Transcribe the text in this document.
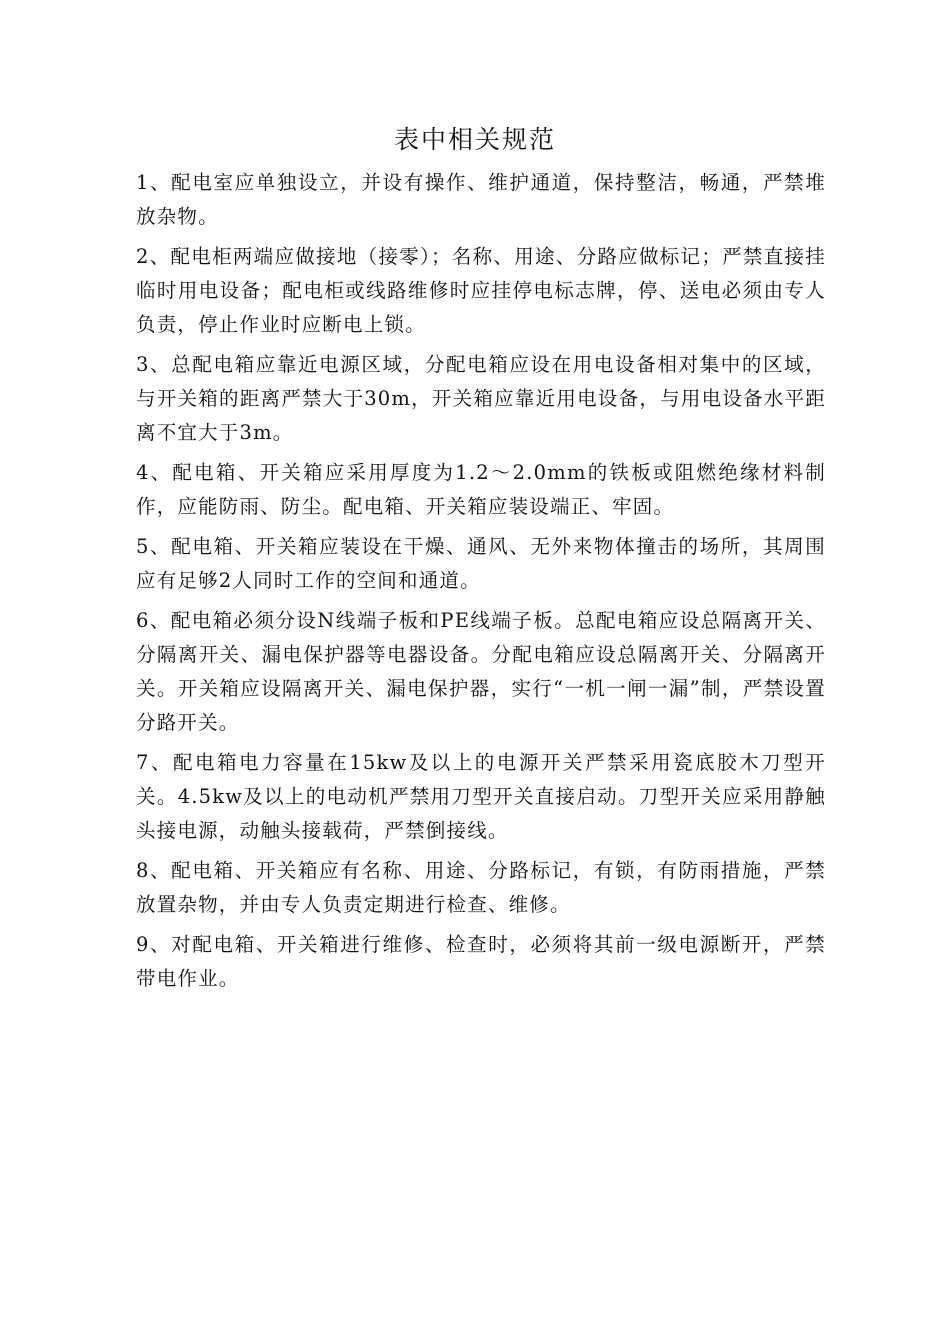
表中相关规范
1、配电室应单独设立，并设有操作、维护通道，保持整洁，畅通，严禁堆放杂物。
2、配电柜两端应做接地（接零）；名称、用途、分路应做标记；严禁直接挂临时用电设备；配电柜或线路维修时应挂停电标志牌，停、送电必须由专人负责，停止作业时应断电上锁。
3、总配电箱应靠近电源区域，分配电箱应设在用电设备相对集中的区域，与开关箱的距离严禁大于30m，开关箱应靠近用电设备，与用电设备水平距离不宜大于3m。
4、配电箱、开关箱应采用厚度为1.2～2.0mm的铁板或阻燃绝缘材料制作，应能防雨、防尘。配电箱、开关箱应装设端正、牢固。
5、配电箱、开关箱应装设在干燥、通风、无外来物体撞击的场所，其周围应有足够2人同时工作的空间和通道。
6、配电箱必须分设N线端子板和PE线端子板。总配电箱应设总隔离开关、分隔离开关、漏电保护器等电器设备。分配电箱应设总隔离开关、分隔离开关。开关箱应设隔离开关、漏电保护器，实行“一机一闸一漏”制，严禁设置分路开关。
7、配电箱电力容量在15kw及以上的电源开关严禁采用瓷底胶木刀型开关。4.5kw及以上的电动机严禁用刀型开关直接启动。刀型开关应采用静触头接电源，动触头接载荷，严禁倒接线。
8、配电箱、开关箱应有名称、用途、分路标记，有锁，有防雨措施，严禁放置杂物，并由专人负责定期进行检查、维修。
9、对配电箱、开关箱进行维修、检查时，必须将其前一级电源断开，严禁带电作业。
